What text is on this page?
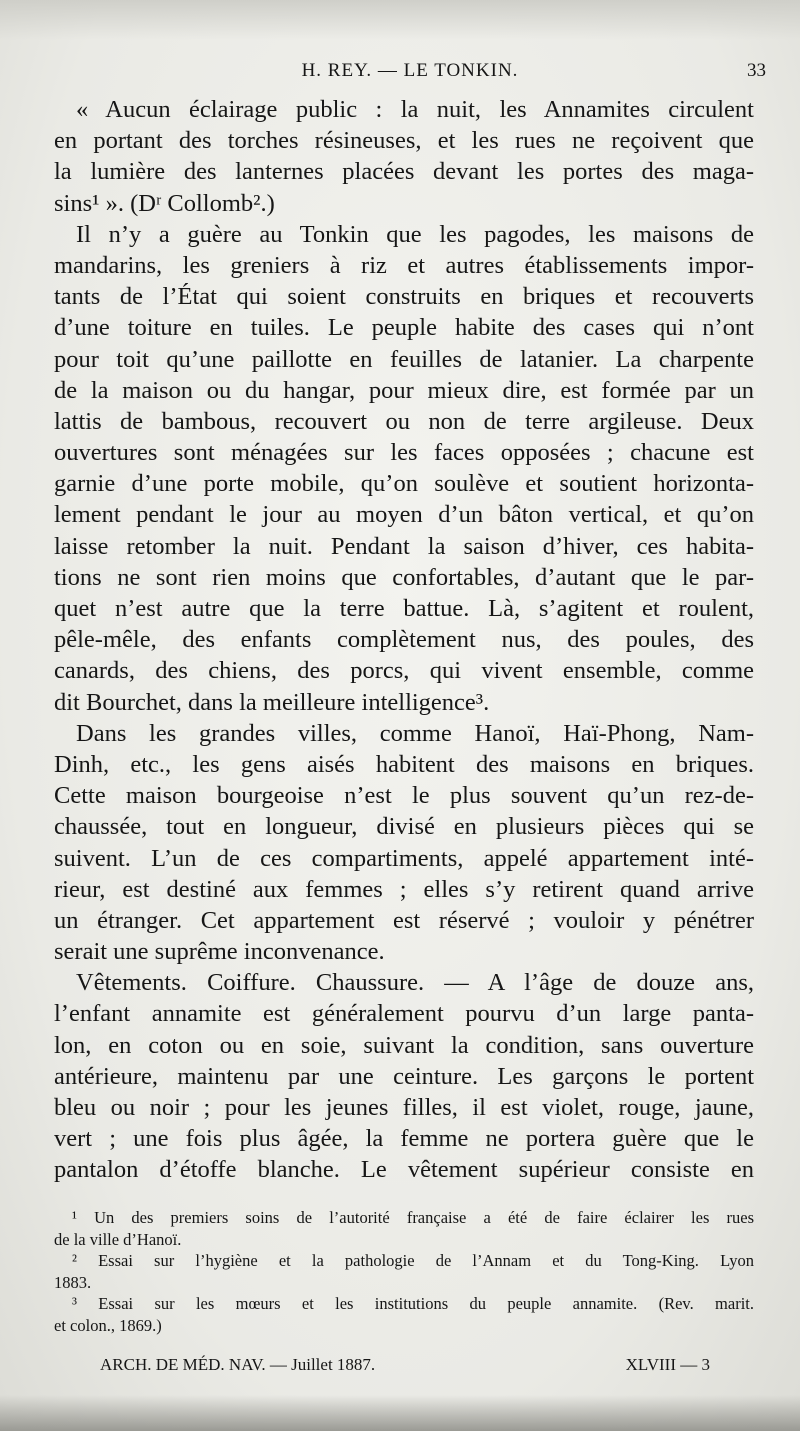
H. REY. — LE TONKIN.	33
« Aucun éclairage public : la nuit, les Annamites circulent
en portant des torches résineuses, et les rues ne reçoivent que
la lumière des lanternes placées devant les portes des maga-
sins¹ ». (Dʳ Collomb².)
Il n’y a guère au Tonkin que les pagodes, les maisons de
mandarins, les greniers à riz et autres établissements impor-
tants de l’État qui soient construits en briques et recouverts
d’une toiture en tuiles. Le peuple habite des cases qui n’ont
pour toit qu’une paillotte en feuilles de latanier. La charpente
de la maison ou du hangar, pour mieux dire, est formée par un
lattis de bambous, recouvert ou non de terre argileuse. Deux
ouvertures sont ménagées sur les faces opposées ; chacune est
garnie d’une porte mobile, qu’on soulève et soutient horizonta-
lement pendant le jour au moyen d’un bâton vertical, et qu’on
laisse retomber la nuit. Pendant la saison d’hiver, ces habita-
tions ne sont rien moins que confortables, d’autant que le par-
quet n’est autre que la terre battue. Là, s’agitent et roulent,
pêle-mêle, des enfants complètement nus, des poules, des
canards, des chiens, des porcs, qui vivent ensemble, comme
dit Bourchet, dans la meilleure intelligence³.
Dans les grandes villes, comme Hanoï, Haï-Phong, Nam-
Dinh, etc., les gens aisés habitent des maisons en briques.
Cette maison bourgeoise n’est le plus souvent qu’un rez-de-
chaussée, tout en longueur, divisé en plusieurs pièces qui se
suivent. L’un de ces compartiments, appelé appartement inté-
rieur, est destiné aux femmes ; elles s’y retirent quand arrive
un étranger. Cet appartement est réservé ; vouloir y pénétrer
serait une suprême inconvenance.
Vêtements. Coiffure. Chaussure. — A l’âge de douze ans,
l’enfant annamite est généralement pourvu d’un large panta-
lon, en coton ou en soie, suivant la condition, sans ouverture
antérieure, maintenu par une ceinture. Les garçons le portent
bleu ou noir ; pour les jeunes filles, il est violet, rouge, jaune,
vert ; une fois plus âgée, la femme ne portera guère que le
pantalon d’étoffe blanche. Le vêtement supérieur consiste en
¹ Un des premiers soins de l’autorité française a été de faire éclairer les rues
de la ville d’Hanoï.
² Essai sur l’hygiène et la pathologie de l’Annam et du Tong-King. Lyon
1883.
³ Essai sur les mœurs et les institutions du peuple annamite. (Rev. marit.
et colon., 1869.)
ARCH. DE MÉD. NAV. — Juillet 1887.	XLVIII — 3
